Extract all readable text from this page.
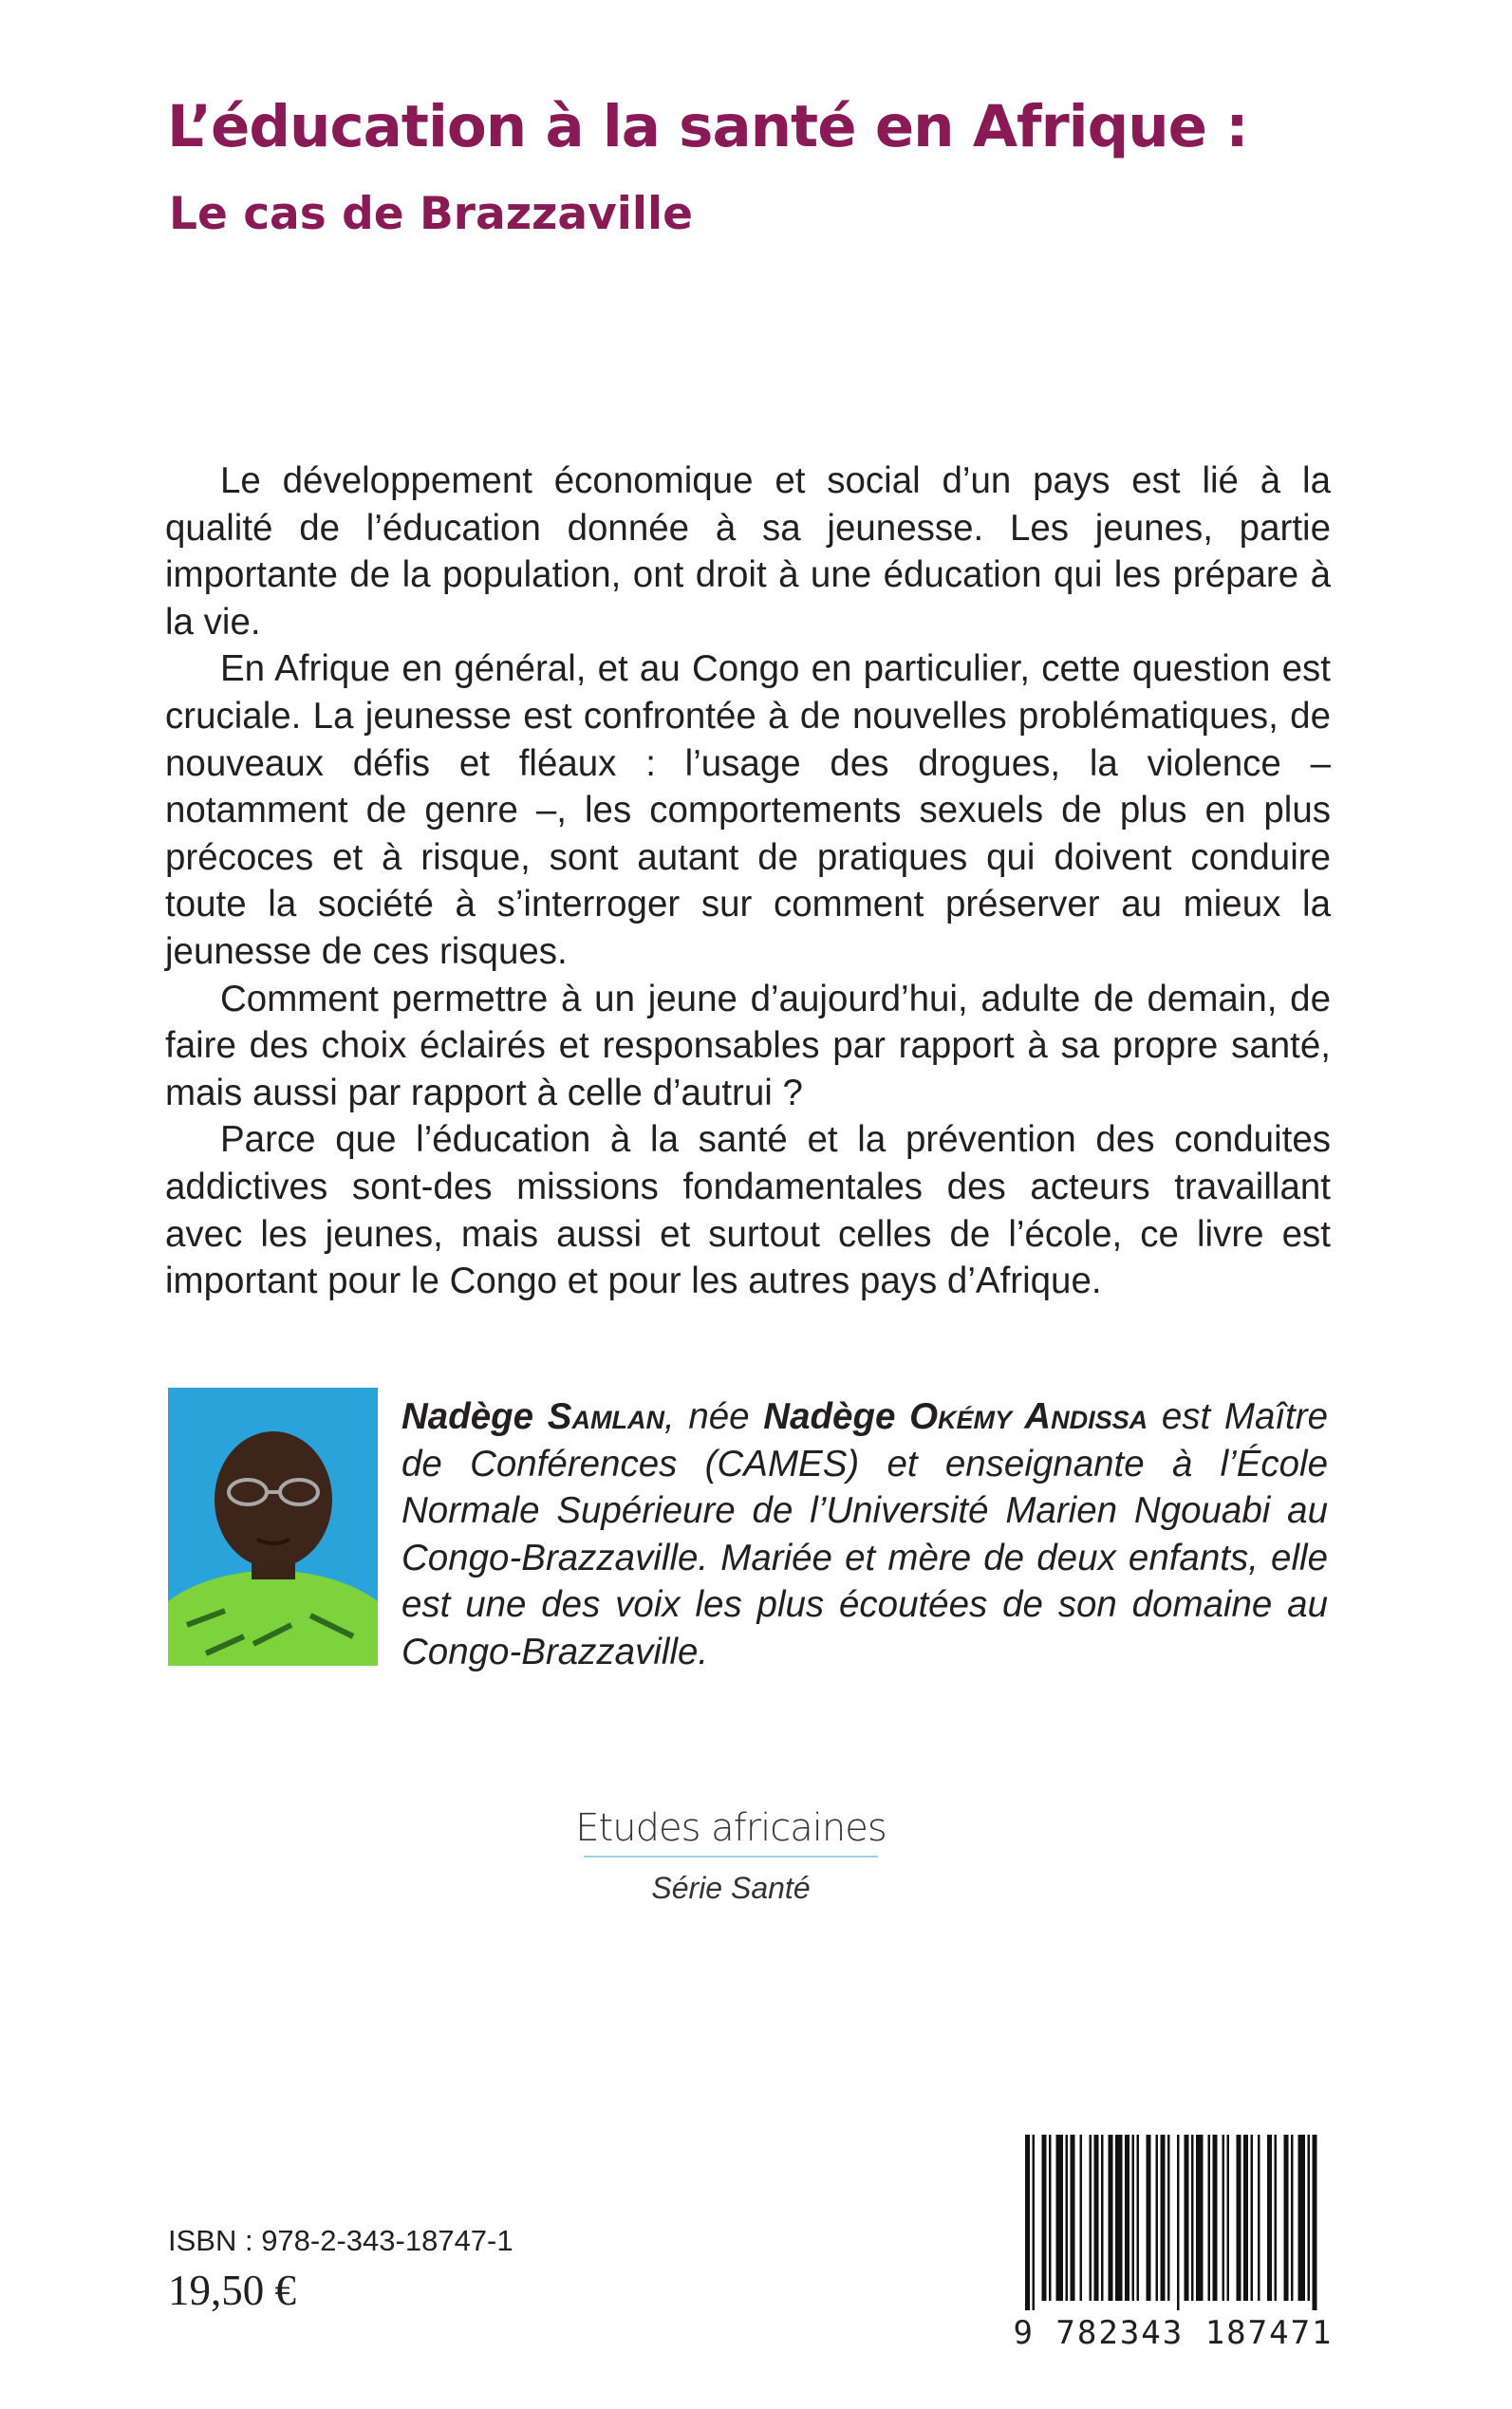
L’éducation à la santé en Afrique :
Le cas de Brazzaville

Le développement économique et social d’un pays est lié à la qualité de l’éducation donnée à sa jeunesse. Les jeunes, partie importante de la population, ont droit à une éducation qui les prépare à la vie.

En Afrique en général, et au Congo en particulier, cette question est cruciale. La jeunesse est confrontée à de nouvelles problématiques, de nouveaux défis et fléaux : l’usage des drogues, la violence – notamment de genre –, les comportements sexuels de plus en plus précoces et à risque, sont autant de pratiques qui doivent conduire toute la société à s’interroger sur comment préserver au mieux la jeunesse de ces risques.

Comment permettre à un jeune d’aujourd’hui, adulte de demain, de faire des choix éclairés et responsables par rapport à sa propre santé, mais aussi par rapport à celle d’autrui ?

Parce que l’éducation à la santé et la prévention des conduites addictives sont-des missions fondamentales des acteurs travaillant avec les jeunes, mais aussi et surtout celles de l’école, ce livre est important pour le Congo et pour les autres pays d’Afrique.

Nadège Samlan, née Nadège Okémy Andissa est Maître de Conférences (CAMES) et enseignante à l’École Normale Supérieure de l’Université Marien Ngouabi au Congo-Brazzaville. Mariée et mère de deux enfants, elle est une des voix les plus écoutées de son domaine au Congo-Brazzaville.
Etudes africaines
Série Santé
ISBN : 978-2-343-18747-1
19,50 €
9 782343 187471
